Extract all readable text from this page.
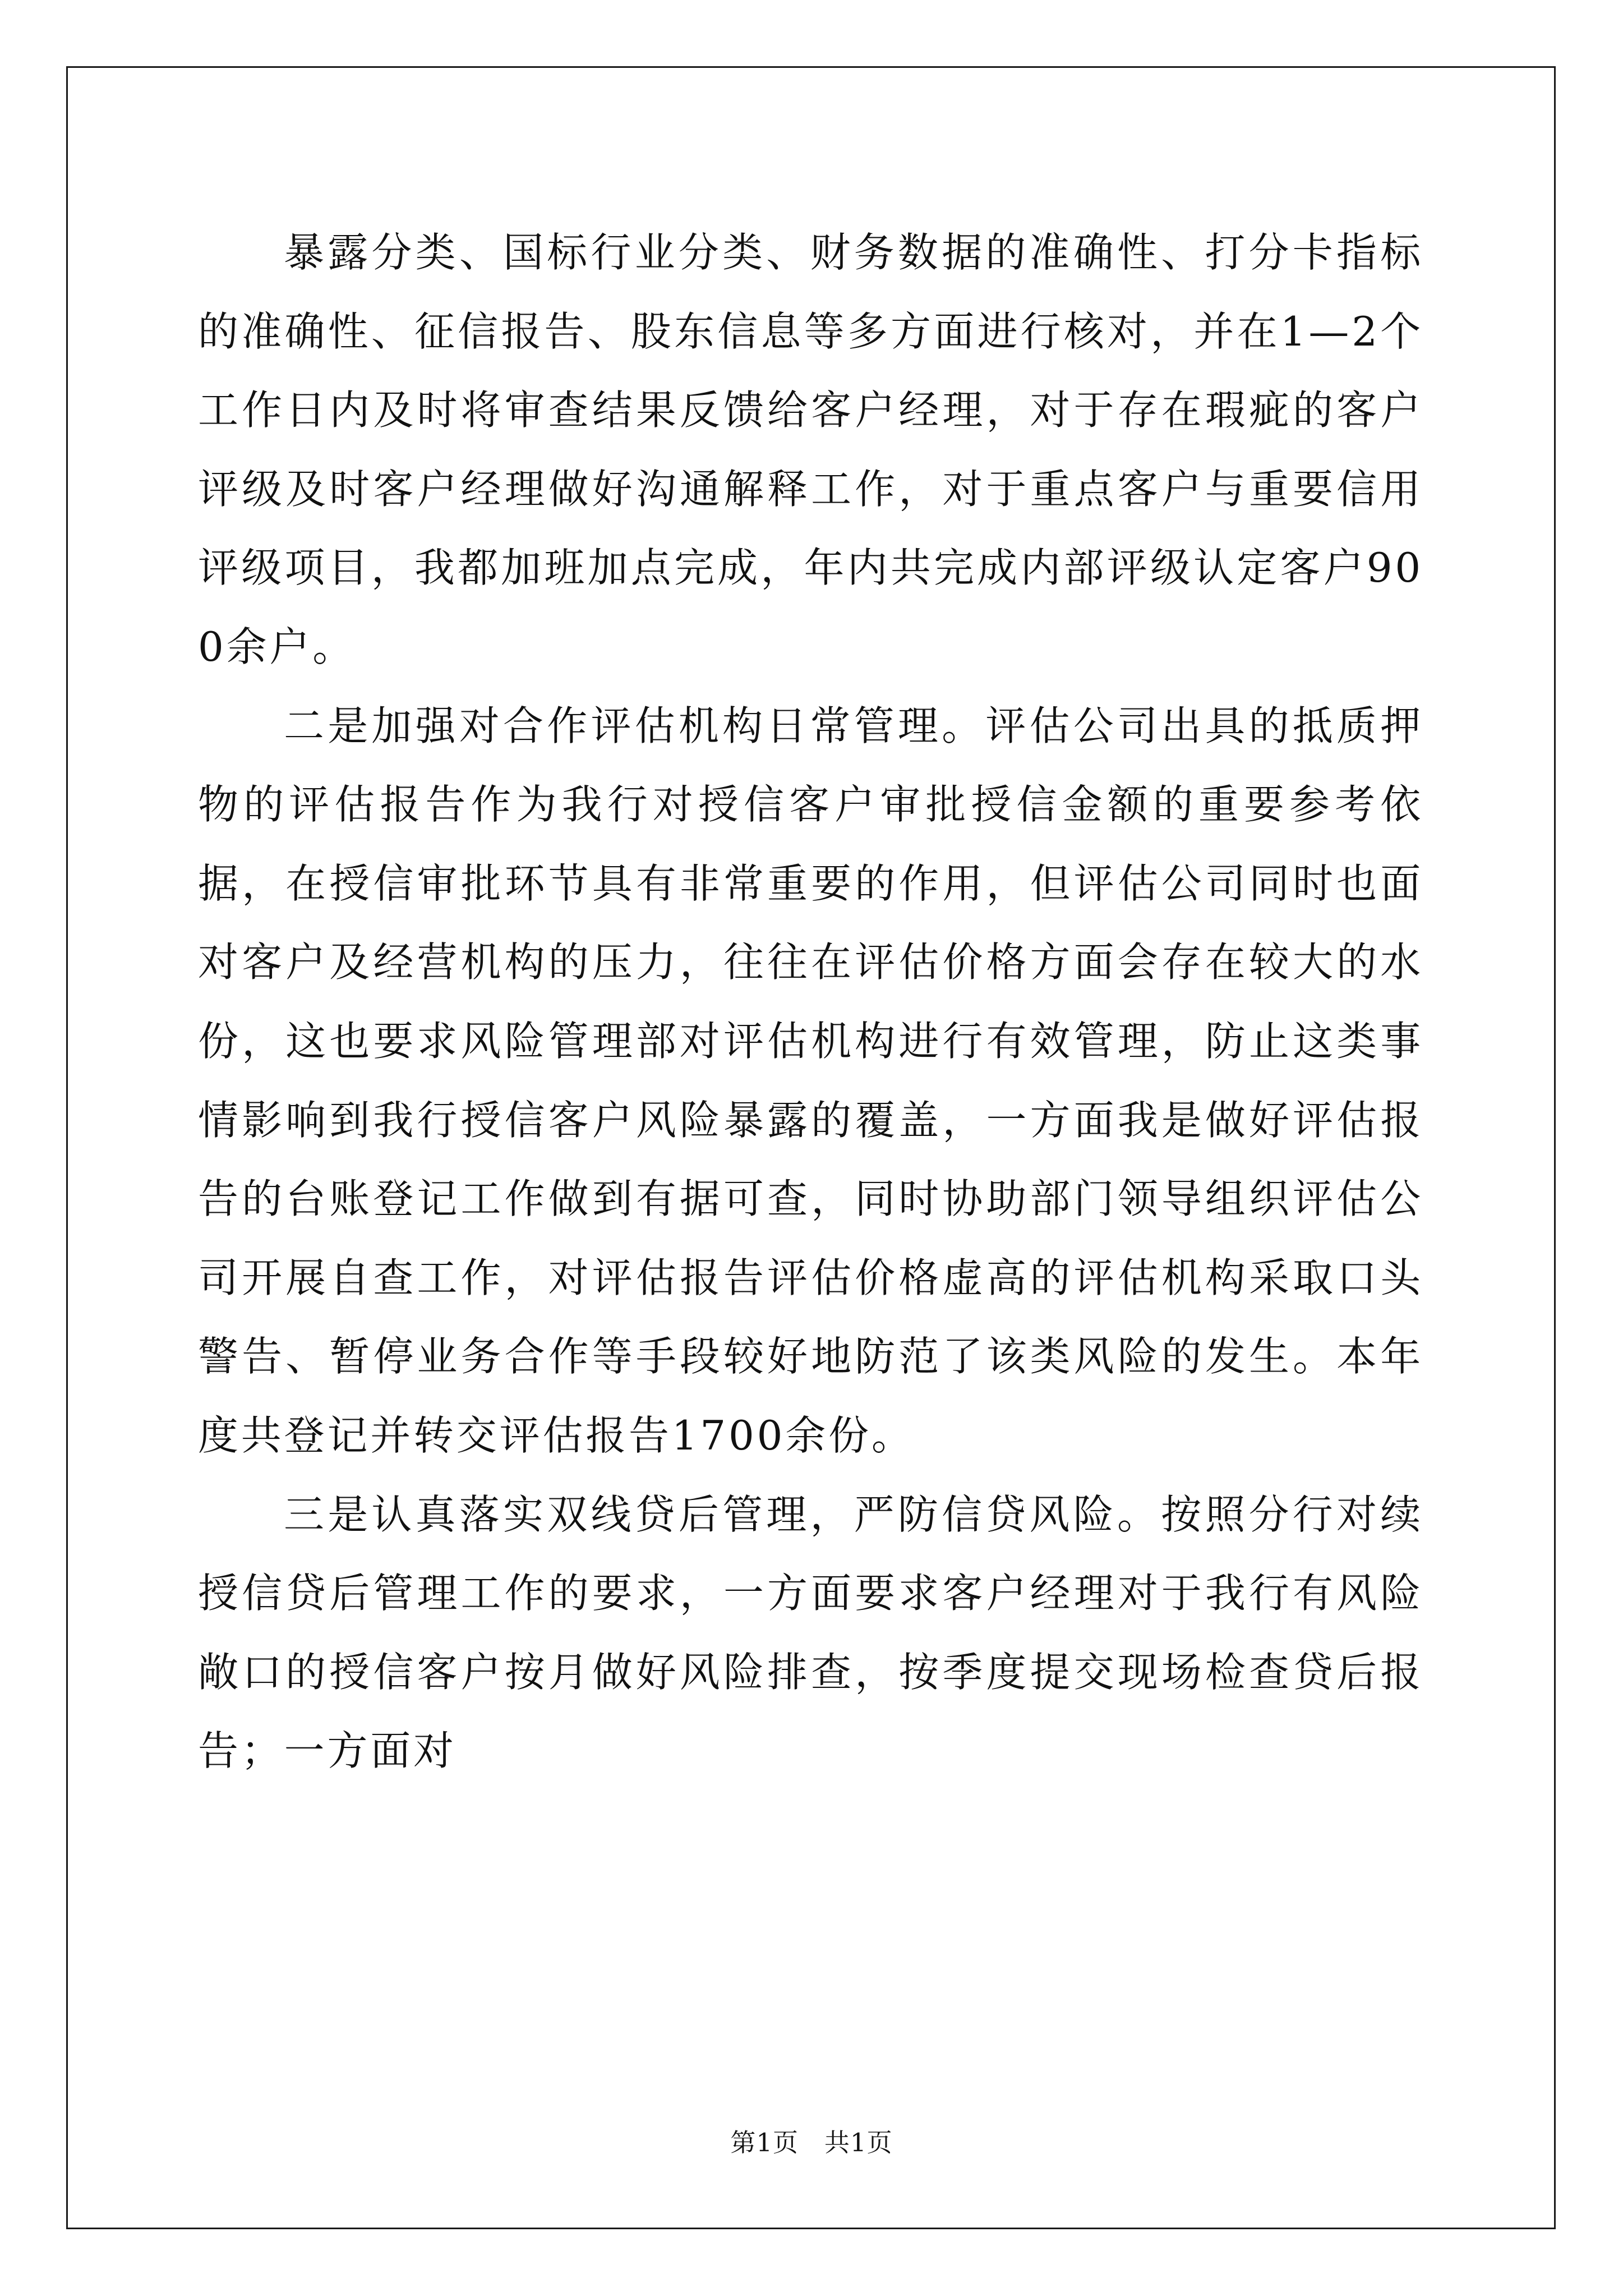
暴露分类、国标行业分类、财务数据的准确性、打分卡指标的准确性、征信报告、股东信息等多方面进行核对，并在1—2个工作日内及时将审查结果反馈给客户经理，对于存在瑕疵的客户评级及时客户经理做好沟通解释工作，对于重点客户与重要信用评级项目，我都加班加点完成，年内共完成内部评级认定客户900余户。

二是加强对合作评估机构日常管理。评估公司出具的抵质押物的评估报告作为我行对授信客户审批授信金额的重要参考依据，在授信审批环节具有非常重要的作用，但评估公司同时也面对客户及经营机构的压力，往往在评估价格方面会存在较大的水份，这也要求风险管理部对评估机构进行有效管理，防止这类事情影响到我行授信客户风险暴露的覆盖，一方面我是做好评估报告的台账登记工作做到有据可查，同时协助部门领导组织评估公司开展自查工作，对评估报告评估价格虚高的评估机构采取口头警告、暂停业务合作等手段较好地防范了该类风险的发生。本年度共登记并转交评估报告1700余份。

三是认真落实双线贷后管理，严防信贷风险。按照分行对续授信贷后管理工作的要求，一方面要求客户经理对于我行有风险敞口的授信客户按月做好风险排查，按季度提交现场检查贷后报告；一方面对

第1页 共1页
